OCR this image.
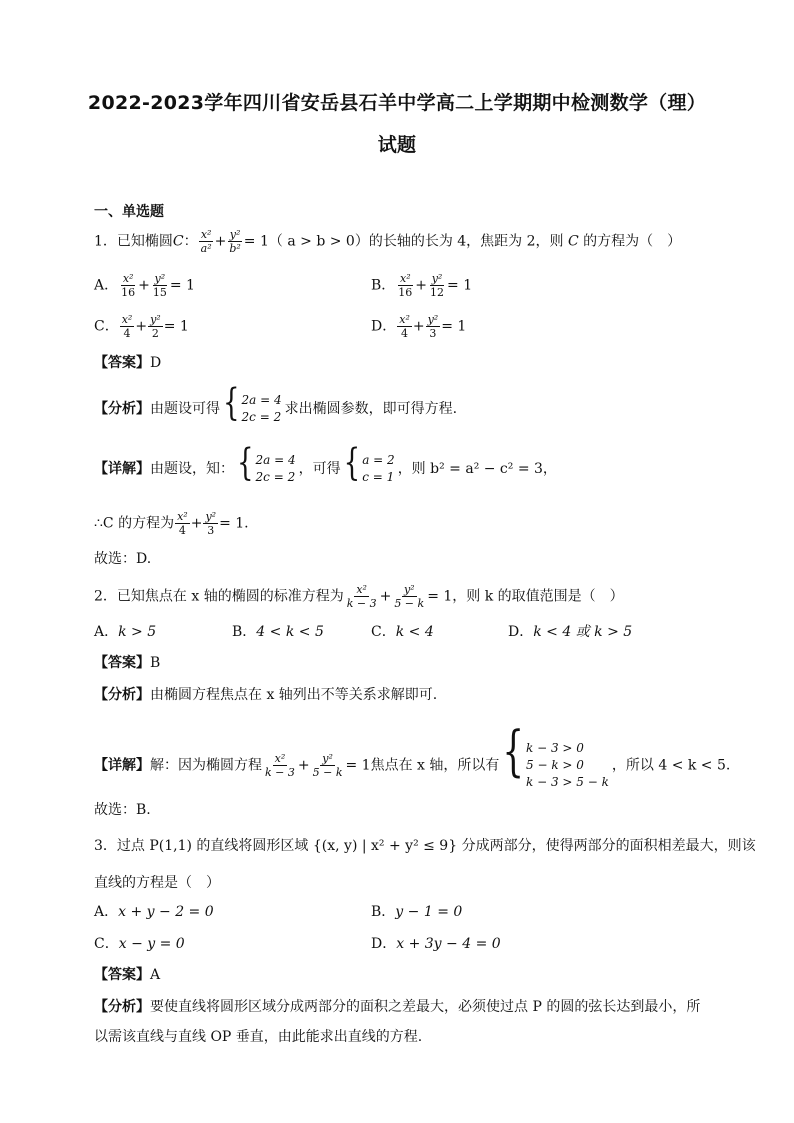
2022-2023学年四川省安岳县石羊中学高二上学期期中检测数学（理）
试题
一、单选题
1．已知椭圆C： $\frac{\text{x²}}{\text{a²}} + \frac{\text{y²}}{\text{b²}} = 1$（ a > b > 0）的长轴的长为 4，焦距为 2，则 C 的方程为（　）
A． $\frac{\text{x²}}{16} + \frac{\text{y²}}{15} = 1$	B． $\frac{\text{x²}}{16} + \frac{\text{y²}}{12} = 1$
C． $\frac{\text{x²}}{4} + \frac{\text{y²}}{2} = 1$	D． $\frac{\text{x²}}{4} + \frac{\text{y²}}{3} = 1$
【答案】D
【分析】由题设可得 { 2a = 4
2c = 2 求出椭圆参数，即可得方程.
【详解】由题设，知： { 2a = 4
2c = 2 ，可得 { a = 2
c = 1 ，则 b² = a² − c² = 3，
∴C 的方程为 $\frac{\text{x²}}{4} + \frac{\text{y²}}{3} = 1$.
故选：D.
2．已知焦点在 x 轴的椭圆的标准方程为 $\frac{\text{x²}}{k - 3} + \frac{\text{y²}}{5 - k} = 1$，则 k 的取值范围是（　）
A．k > 5	B．4 < k < 5	C．k < 4	D．k < 4 或 k > 5
【答案】B
【分析】由椭圆方程焦点在 x 轴列出不等关系求解即可.
【详解】解：因为椭圆方程 $\frac{\text{x²}}{k - 3} + \frac{\text{y²}}{5 - k} = 1$焦点在 x 轴，所以有 { k − 3 > 0
5 − k > 0
k − 3 > 5 − k
，所以 4 < k < 5.
故选：B.
3．过点 P(1,1) 的直线将圆形区域 {(x, y) | x² + y² ≤ 9} 分成两部分，使得两部分的面积相差最大，则该
直线的方程是（　）
A．x + y − 2 = 0	B．y − 1 = 0
C．x − y = 0	D．x + 3y − 4 = 0
【答案】A
【分析】要使直线将圆形区域分成两部分的面积之差最大，必须使过点 P 的圆的弦长达到最小，所
以需该直线与直线 OP 垂直，由此能求出直线的方程.
